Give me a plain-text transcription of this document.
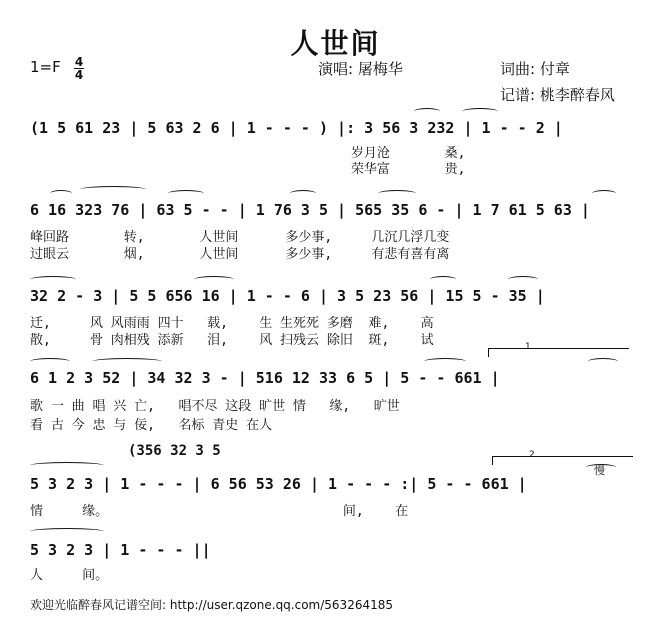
人世间
1=F 4
4	演唱: 屠梅华	词曲: 付章
记谱: 桃李醉春风
(1 5 61 23 | 5 63 2 6 | 1 - - - ) |: 3 56 3 232 | 1 - - 2 |
岁月沧       桑,
荣华富       贵,
6 16 323 76 | 63 5 - - | 1 76 3 5 | 565 35 6 - | 1 7 61 5 63 |
峰回路       转,       人世间      多少事,     几沉几浮几变
过眼云       烟,       人世间      多少事,     有悲有喜有离
32 2 - 3 | 5 5 656 16 | 1 - - 6 | 3 5 23 56 | 15 5 - 35 |
迁,     风 风雨雨 四十   载,    生 生死死 多磨  难,    高
散,     骨 肉相残 添新   泪,    风 扫残云 除旧  斑,    试
6 1 2 3 52 | 34 32 3 - | 516 12 33 6 5 | 5 - - 661 |
歌 一 曲 唱 兴 亡,   唱不尽 这段 旷世 情   缘,   旷世
看 古 今 忠 与 佞,   名标 青史 在人
1
(356 32 3 5
5 3 2 3 | 1 - - - | 6 56 53 26 | 1 - - - :| 5 - - 661 |
情     缘。                              间,    在
2
慢
5 3 2 3 | 1 - - - ||
人     间。
欢迎光临醉春风记谱空间: http://user.qzone.qq.com/563264185
